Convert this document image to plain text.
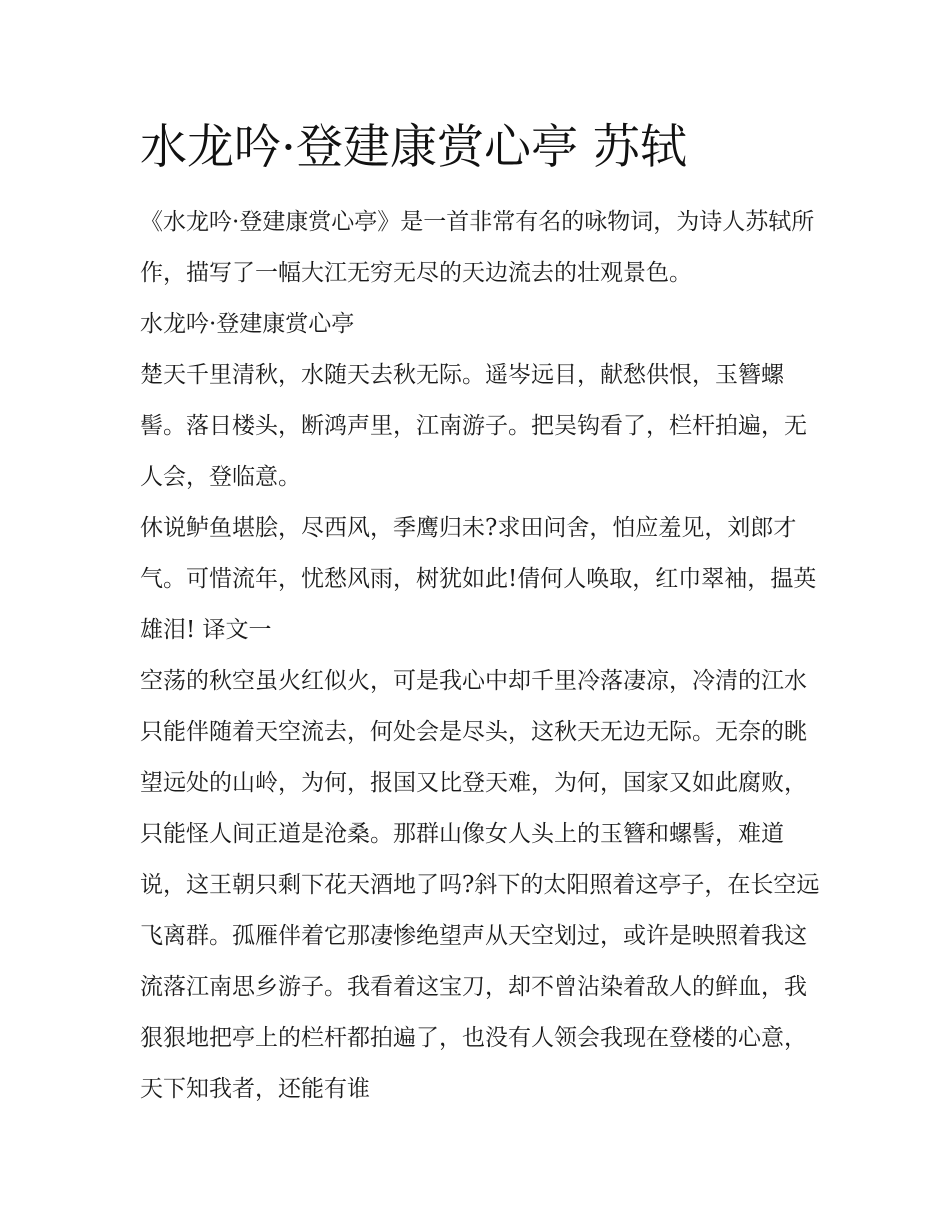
水龙吟·登建康赏心亭 苏轼

《水龙吟·登建康赏心亭》是一首非常有名的咏物词，为诗人苏轼所作，描写了一幅大江无穷无尽的天边流去的壮观景色。

水龙吟·登建康赏心亭

楚天千里清秋，水随天去秋无际。遥岑远目，献愁供恨，玉簪螺髻。落日楼头，断鸿声里，江南游子。把吴钩看了，栏杆拍遍，无人会，登临意。

休说鲈鱼堪脍，尽西风，季鹰归未?求田问舍，怕应羞见，刘郎才气。可惜流年，忧愁风雨，树犹如此!倩何人唤取，红巾翠袖，揾英雄泪! 译文一

空荡的秋空虽火红似火，可是我心中却千里冷落凄凉，冷清的江水只能伴随着天空流去，何处会是尽头，这秋天无边无际。无奈的眺望远处的山岭，为何，报国又比登天难，为何，国家又如此腐败，只能怪人间正道是沧桑。那群山像女人头上的玉簪和螺髻，难道说，这王朝只剩下花天酒地了吗?斜下的太阳照着这亭子，在长空远飞离群。孤雁伴着它那凄惨绝望声从天空划过，或许是映照着我这流落江南思乡游子。我看着这宝刀，却不曾沾染着敌人的鲜血，我狠狠地把亭上的栏杆都拍遍了，也没有人领会我现在登楼的心意，天下知我者，还能有谁
